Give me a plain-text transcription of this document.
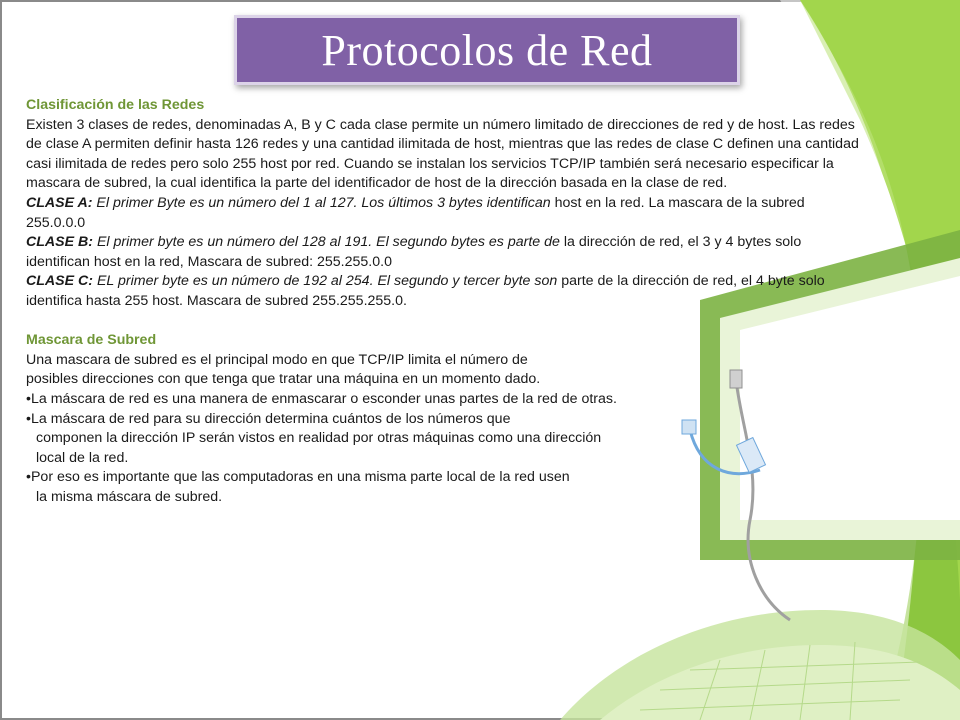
Protocolos de Red

Clasificación de las Redes

Existen 3 clases de redes, denominadas A, B y C cada clase permite un número limitado de direcciones de red y de host. Las redes de clase A permiten definir hasta 126 redes y una cantidad ilimitada de host, mientras que las redes de clase C definen una cantidad casi ilimitada de redes pero solo 255 host por red. Cuando se instalan los servicios TCP/IP también será necesario especificar la mascara de subred, la cual identifica la parte del identificador de host de la dirección basada en la clase de red.

CLASE A: El primer Byte es un número del 1 al 127. Los últimos 3 bytes identifican host en la red. La mascara de la subred 255.0.0.0

CLASE B: El primer byte es un número del 128 al 191. El segundo bytes es parte de la dirección de red, el 3 y 4 bytes solo identifican host en la red, Mascara de subred: 255.255.0.0

CLASE C: EL primer byte es un número de 192 al 254. El segundo y tercer byte son parte de la dirección de red, el 4 byte solo identifica hasta 255 host. Mascara de subred 255.255.255.0.

Mascara de Subred

Una mascara de subred es el principal modo en que TCP/IP limita el número de

posibles direcciones con que tenga que tratar una máquina en un momento dado.

•La máscara de red es una manera de enmascarar o esconder unas partes de la red de otras.

•La máscara de red para su dirección determina cuántos de los números que

componen la dirección IP serán vistos en realidad por otras máquinas como una dirección

local de la red.

•Por eso es importante que las computadoras en una misma parte local de la red usen

la misma máscara de subred.
